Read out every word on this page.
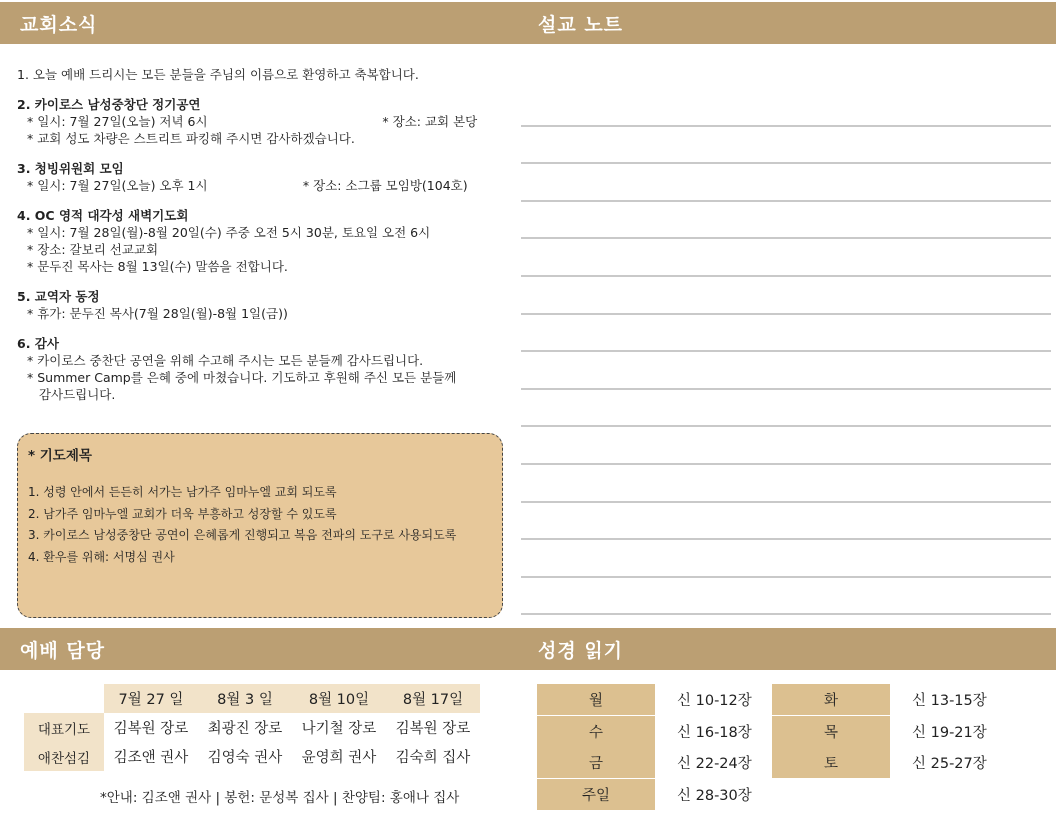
교회소식	설교 노트
예배 담당	성경 읽기
1. 오늘 예배 드리시는 모든 분들을 주님의 이름으로 환영하고 축복합니다.
2. 카이로스 남성중창단 정기공연
* 일시: 7월 27일(오늘) 저녁 6시                                            * 장소: 교회 본당
* 교회 성도 차량은 스트리트 파킹해 주시면 감사하겠습니다.
3. 청빙위원회 모임
* 일시: 7월 27일(오늘) 오후 1시                        * 장소: 소그룹 모임방(104호)
4. OC 영적 대각성 새벽기도회
* 일시: 7월 28일(월)-8월 20일(수) 주중 오전 5시 30분, 토요일 오전 6시
* 장소: 갈보리 선교교회
* 문두진 목사는 8월 13일(수) 말씀을 전합니다.
5. 교역자 동정
* 휴가: 문두진 목사(7월 28일(월)-8월 1일(금))
6. 감사
* 카이로스 중찬단 공연을 위해 수고해 주시는 모든 분들께 감사드립니다.
* Summer Camp를 은혜 중에 마쳤습니다. 기도하고 후원해 주신 모든 분들께
감사드립니다.
* 기도제목
1. 성령 안에서 든든히 서가는 남가주 임마누엘 교회 되도록
2. 남가주 임마누엘 교회가 더욱 부흥하고 성장할 수 있도록
3. 카이로스 남성중창단 공연이 은혜롭게 진행되고 복음 전파의 도구로 사용되도록
4. 환우를 위해: 서명심 권사
	7월 27 일	8월 3 일	8월 10일	8월 17일
대표기도	김복원 장로	최광진 장로	나기철 장로	김복원 장로
애찬섬김	김조앤 권사	김영숙 권사	윤영희 권사	김숙희 집사
*안내: 김조앤 권사 | 봉헌: 문성복 집사 | 찬양팀: 홍애나 집사
월	신 10-12장
수	신 16-18장
금	신 22-24장
주일	신 28-30장
화	신 13-15장
목	신 19-21장
토	신 25-27장
